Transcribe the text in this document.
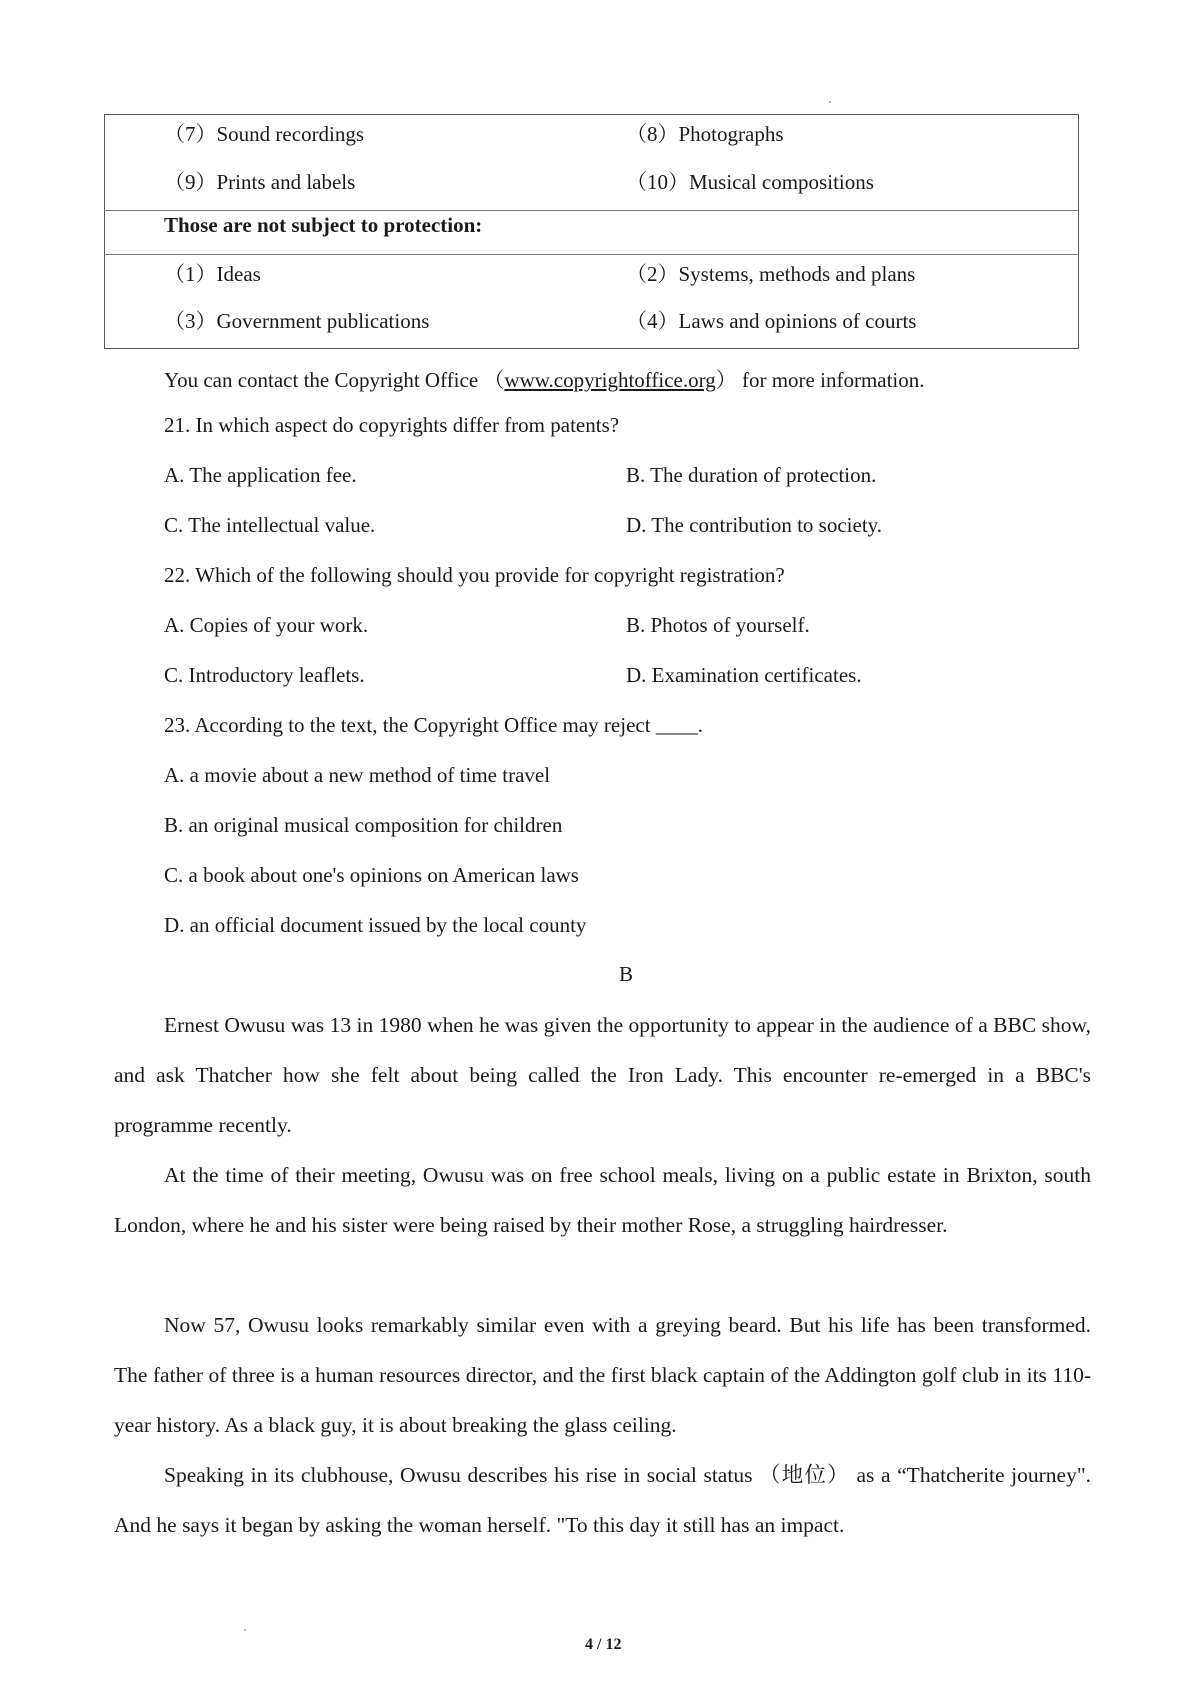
（7）Sound recordings	（8）Photographs
（9）Prints and labels	（10）Musical compositions
Those are not subject to protection:
（1）Ideas	（2）Systems, methods and plans
（3）Government publications	（4）Laws and opinions of courts
You can contact the Copyright Office （www.copyrightoffice.org） for more information.
21. In which aspect do copyrights differ from patents?
A. The application fee.	B. The duration of protection.
C. The intellectual value.	D. The contribution to society.
22. Which of the following should you provide for copyright registration?
A. Copies of your work.	B. Photos of yourself.
C. Introductory leaflets.	D. Examination certificates.
23. According to the text, the Copyright Office may reject ____.
A. a movie about a new method of time travel
B. an original musical composition for children
C. a book about one's opinions on American laws
D. an official document issued by the local county
B
Ernest Owusu was 13 in 1980 when he was given the opportunity to appear in the audience of a BBC show, and ask Thatcher how she felt about being called the Iron Lady. This encounter re-emerged in a BBC's programme recently.
At the time of their meeting, Owusu was on free school meals, living on a public estate in Brixton, south London, where he and his sister were being raised by their mother Rose, a struggling hairdresser.
Now 57, Owusu looks remarkably similar even with a greying beard. But his life has been transformed. The father of three is a human resources director, and the first black captain of the Addington golf club in its 110-year history. As a black guy, it is about breaking the glass ceiling.
Speaking in its clubhouse, Owusu describes his rise in social status （地位） as a “Thatcherite journey". And he says it began by asking the woman herself. "To this day it still has an impact.
4 / 12
